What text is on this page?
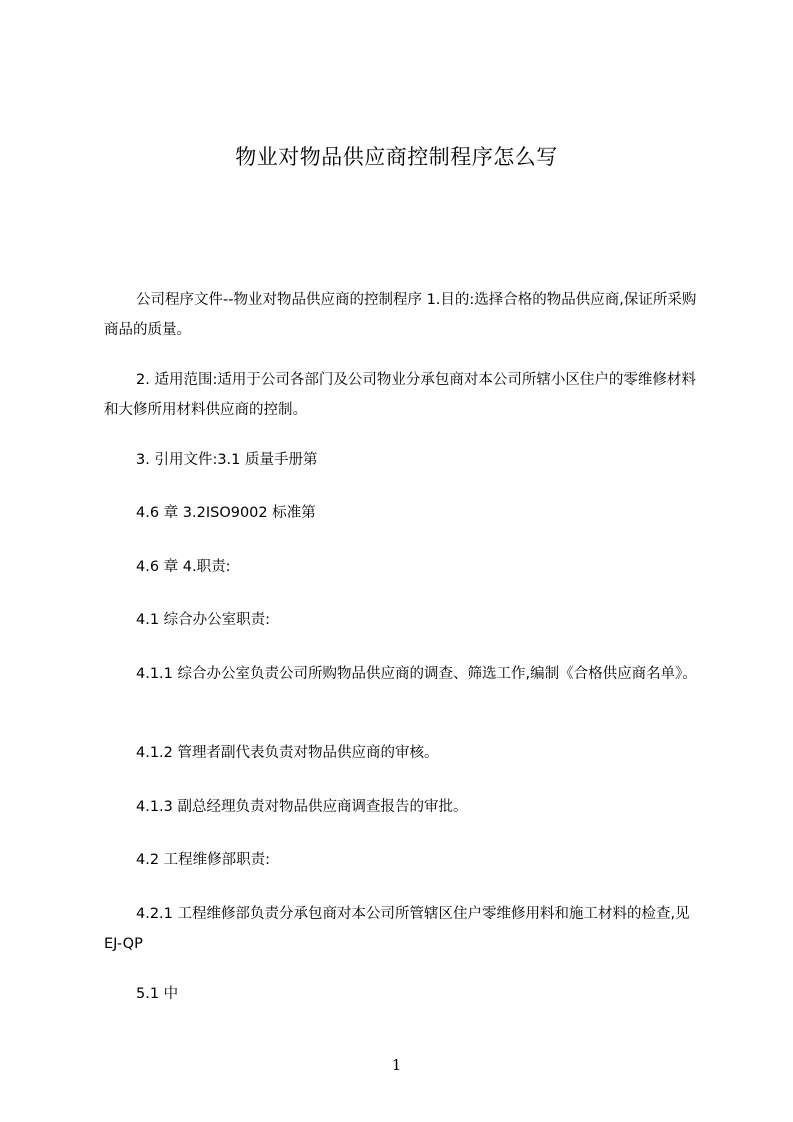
物业对物品供应商控制程序怎么写

公司程序文件--物业对物品供应商的控制程序 1.目的:选择合格的物品供应商,保证所采购商品的质量。

2. 适用范围:适用于公司各部门及公司物业分承包商对本公司所辖小区住户的零维修材料和大修所用材料供应商的控制。

3. 引用文件:3.1 质量手册第

4.6 章 3.2ISO9002 标准第

4.6 章 4.职责:

4.1 综合办公室职责:

4.1.1 综合办公室负责公司所购物品供应商的调查、筛选工作,编制《合格供应商名单》。

4.1.2 管理者副代表负责对物品供应商的审核。

4.1.3 副总经理负责对物品供应商调查报告的审批。

4.2 工程维修部职责:

4.2.1 工程维修部负责分承包商对本公司所管辖区住户零维修用料和施工材料的检查,见 EJ-QP

5.1 中

1
